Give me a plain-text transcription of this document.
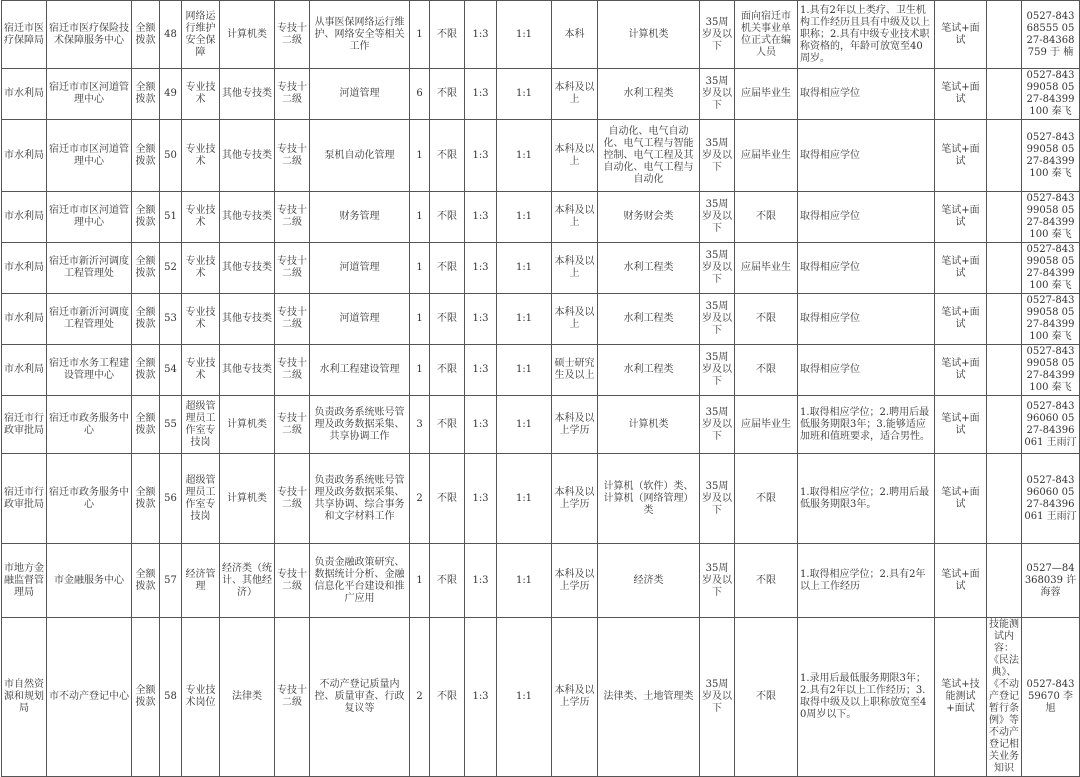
宿迁市医疗保障局	宿迁市医疗保险技术保障服务中心	全额拨款	48	网络运行维护安全保障	计算机类	专技十二级	从事医保网络运行维护、网络安全等相关工作	1	不限	1:3	1:1	本科	计算机类	35周岁及以下	面向宿迁市机关事业单位正式在编人员	1.具有2年以上类疗、卫生机构工作经历且具有中级及以上职称；2.具有中级专业技术职称资格的，年龄可放宽至40周岁。	笔试+面试		0527-84368555 0527-84368759 于 楠
市水利局	宿迁市市区河道管理中心	全额拨款	49	专业技术	其他专技类	专技十二级	河道管理	6	不限	1:3	1:1	本科及以上	水利工程类	35周岁及以下	应届毕业生	取得相应学位	笔试+面试		0527-84399058 0527-84399100 秦飞
市水利局	宿迁市市区河道管理中心	全额拨款	50	专业技术	其他专技类	专技十二级	泵机自动化管理	1	不限	1:3	1:1	本科及以上	自动化、电气自动化、电气工程与智能控制、电气工程及其自动化、电气工程与自动化	35周岁及以下	应届毕业生	取得相应学位	笔试+面试		0527-84399058 0527-84399100 秦飞
市水利局	宿迁市市区河道管理中心	全额拨款	51	专业技术	其他专技类	专技十二级	财务管理	1	不限	1:3	1:1	本科及以上	财务财会类	35周岁及以下	不限	取得相应学位	笔试+面试		0527-84399058 0527-84399100 秦飞
市水利局	宿迁市新沂河调度工程管理处	全额拨款	52	专业技术	其他专技类	专技十二级	河道管理	1	不限	1:3	1:1	本科及以上	水利工程类	35周岁及以下	应届毕业生	取得相应学位	笔试+面试		0527-84399058 0527-84399100 秦飞
市水利局	宿迁市新沂河调度工程管理处	全额拨款	53	专业技术	其他专技类	专技十二级	河道管理	1	不限	1:3	1:1	本科及以上	水利工程类	35周岁及以下	不限	取得相应学位	笔试+面试		0527-84399058 0527-84399100 秦飞
市水利局	宿迁市水务工程建设管理中心	全额拨款	54	专业技术	其他专技类	专技十二级	水利工程建设管理	1	不限	1:3	1:1	硕士研究生及以上	水利工程类	35周岁及以下	不限	取得相应学位	笔试+面试		0527-84399058 0527-84399100 秦飞
宿迁市行政审批局	宿迁市政务服务中心	全额拨款	55	超级管理员工作室专技岗	计算机类	专技十二级	负责政务系统账号管理及政务数据采集、共享协调工作	3	不限	1:3	1:1	本科及以上学历	计算机类	35周岁及以下	应届毕业生	1.取得相应学位；2.聘用后最低服务期限3年；3.能够适应加班和值班要求，适合男性。	笔试+面试		0527-84396060 0527-84396061 王雨汀
宿迁市行政审批局	宿迁市政务服务中心	全额拨款	56	超级管理员工作室专技岗	计算机类	专技十二级	负责政务系统账号管理及政务数据采集、共享协调、综合事务和文字材料工作	2	不限	1:3	1:1	本科及以上学历	计算机（软件）类、计算机（网络管理）类	35周岁及以下	不限	1.取得相应学位；2.聘用后最低服务期限3年。	笔试+面试		0527-84396060 0527-84396061 王雨汀
市地方金融监督管理局	市金融服务中心	全额拨款	57	经济管理	经济类（统计、其他经济）	专技十二级	负责金融政策研究、数据统计分析、金融信息化平台建设和推广应用	1	不限	1:3	1:1	本科及以上学历	经济类	35周岁及以下	不限	1.取得相应学位；2.具有2年以上工作经历	笔试+面试		0527—84368039 许海蓉
市自然资源和规划局	市不动产登记中心	全额拨款	58	专业技术岗位	法律类	专技十二级	不动产登记质量内控、质量审查、行政复议等	2	不限	1:3	1:1	本科及以上学历	法律类、土地管理类	35周岁及以下	不限	1.录用后最低服务期限3年；2.具有2年以上工作经历；3.取得中级及以上职称放宽至40周岁以下。	笔试+技能测试+面试	技能测试内容：《民法典》、《不动产登记暂行条例》等不动产登记相关业务知识	0527-84359670 李旭
